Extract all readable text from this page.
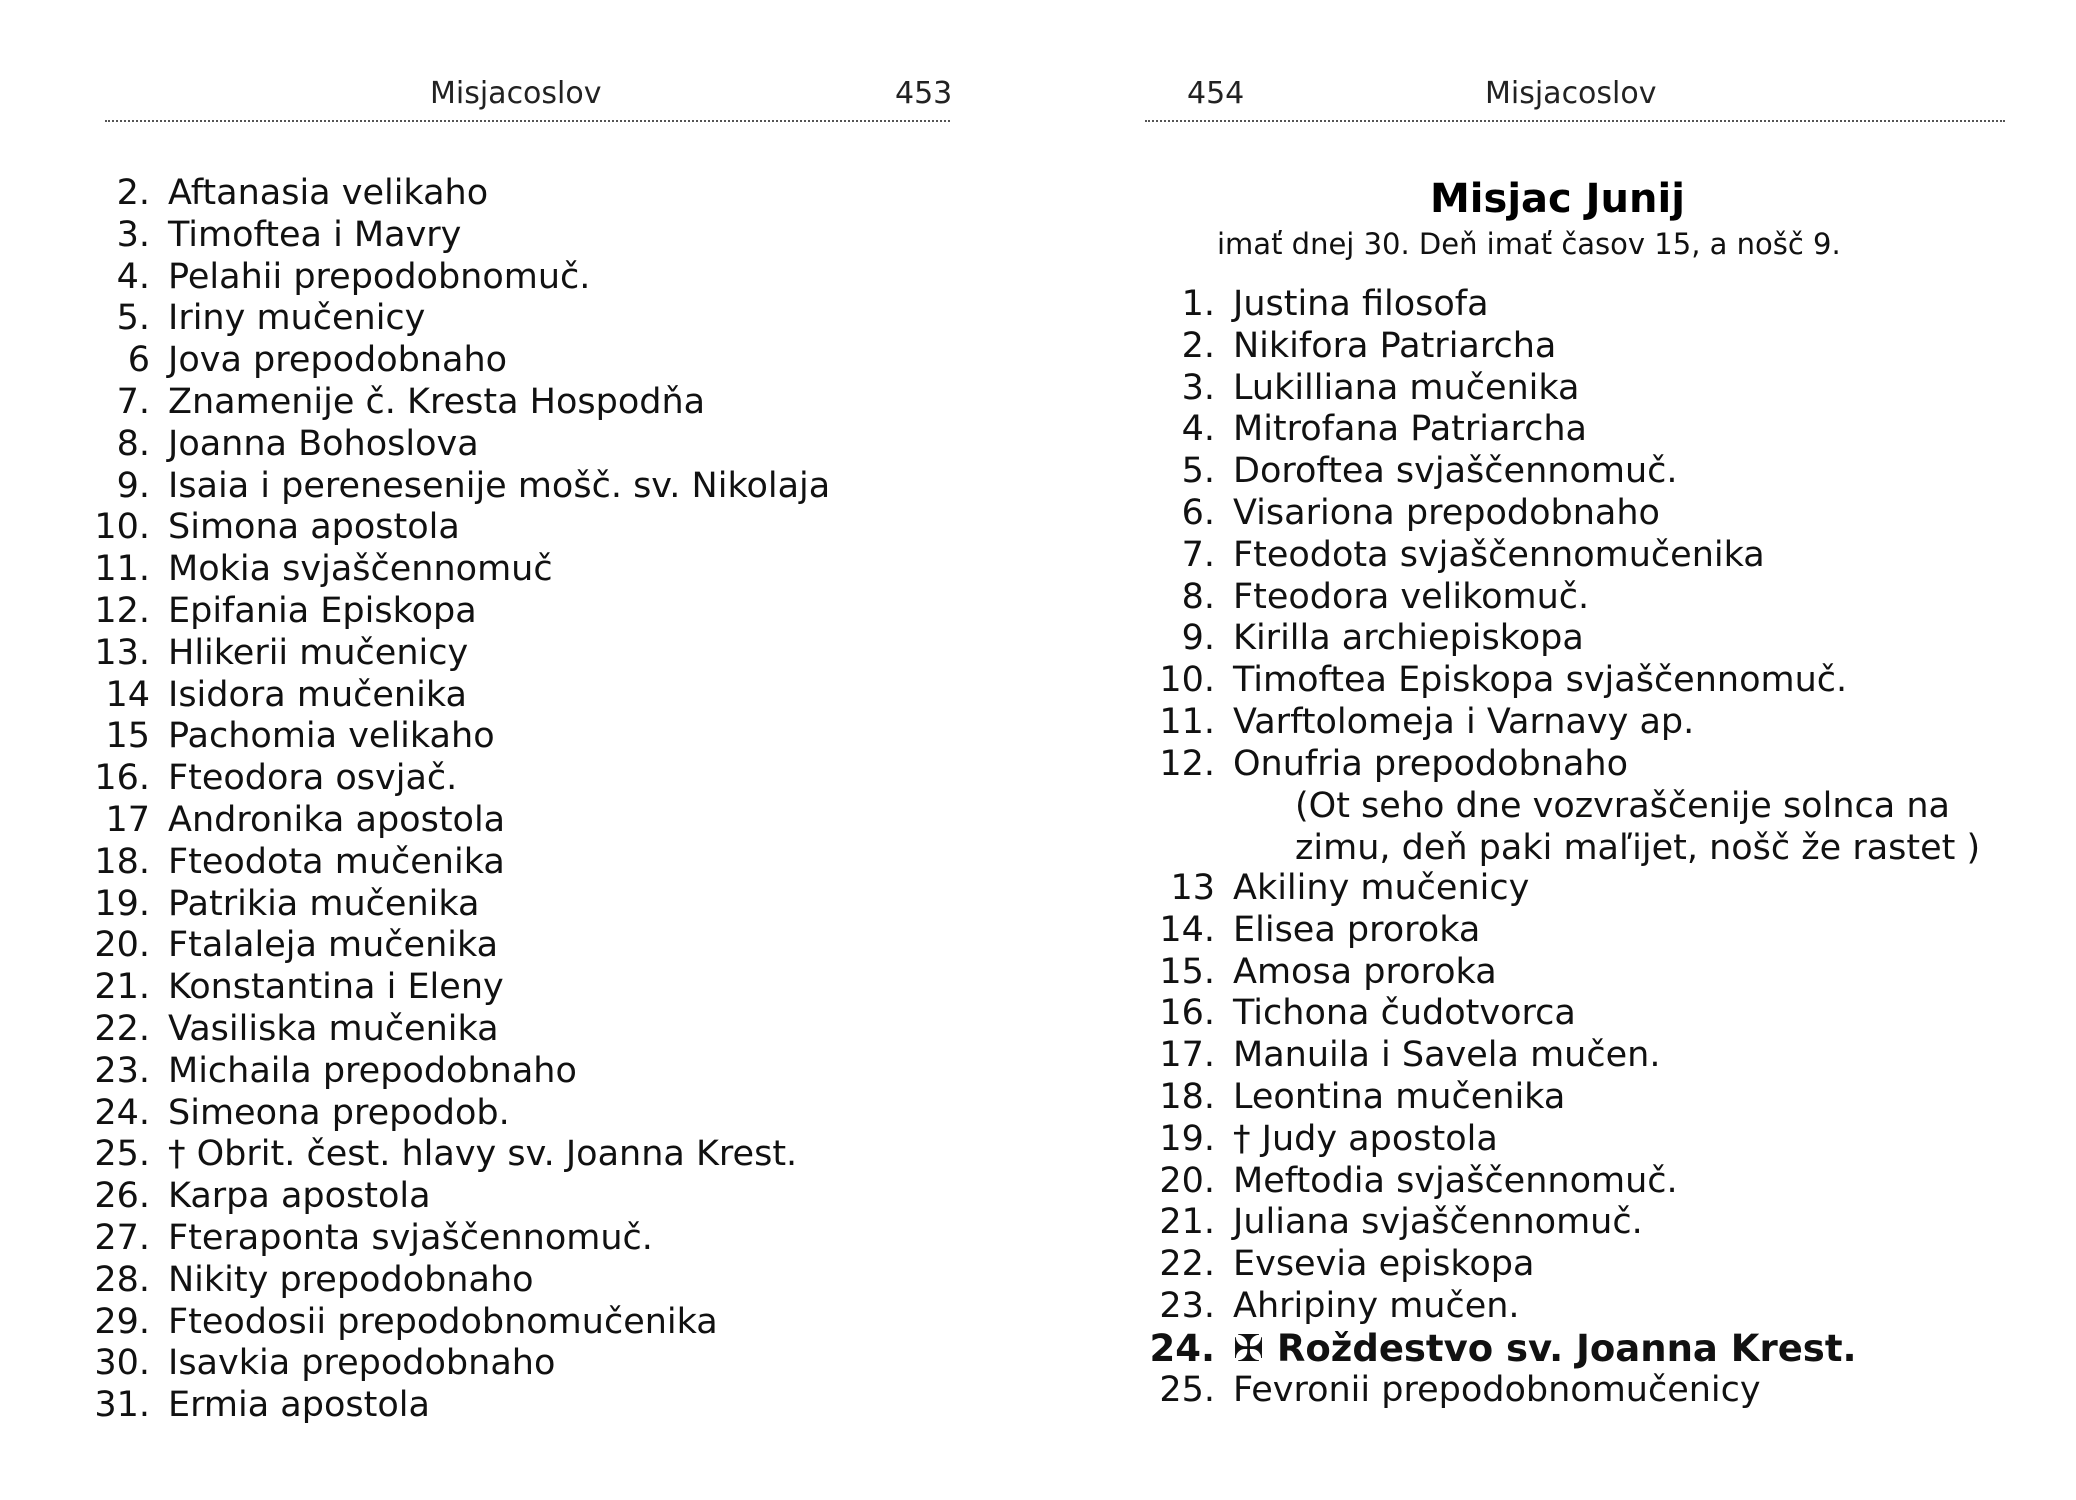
Misjacoslov	453
2. Aftanasia velikaho
3. Timoftea i Mavry
4. Pelahii prepodobnomuč.
5. Iriny mučenicy
6 Jova prepodobnaho
7. Znamenije č. Kresta Hospodňa
8. Joanna Bohoslova
9. Isaia i perenesenije mošč. sv. Nikolaja
10. Simona apostola
11. Mokia svjaščennomuč
12. Epifania Episkopa
13. Hlikerii mučenicy
14 Isidora mučenika
15 Pachomia velikaho
16. Fteodora osvjač.
17 Andronika apostola
18. Fteodota mučenika
19. Patrikia mučenika
20. Ftalaleja mučenika
21. Konstantina i Eleny
22. Vasiliska mučenika
23. Michaila prepodobnaho
24. Simeona prepodob.
25. † Obrit. čest. hlavy sv. Joanna Krest.
26. Karpa apostola
27. Fteraponta svjaščennomuč.
28. Nikity prepodobnaho
29. Fteodosii prepodobnomučenika
30. Isavkia prepodobnaho
31. Ermia apostola
454	Misjacoslov
Misjac Junij
imať dnej 30. Deň imať časov 15, a nošč 9.
1. Justina filosofa
2. Nikifora Patriarcha
3. Lukilliana mučenika
4. Mitrofana Patriarcha
5. Doroftea svjaščennomuč.
6. Visariona prepodobnaho
7. Fteodota svjaščennomučenika
8. Fteodora velikomuč.
9. Kirilla archiepiskopa
10. Timoftea Episkopa svjaščennomuč.
11. Varftolomeja i Varnavy ap.
12. Onufria prepodobnaho
(Ot seho dne vozvraščenije solnca na zimu, deň paki maľijet, nošč že rastet )
13 Akiliny mučenicy
14. Elisea proroka
15. Amosa proroka
16. Tichona čudotvorca
17. Manuila i Savela mučen.
18. Leontina mučenika
19. † Judy apostola
20. Meftodia svjaščennomuč.
21. Juliana svjaščennomuč.
22. Evsevia episkopa
23. Ahripiny mučen.
24. ✠ Roždestvo sv. Joanna Krest.
25. Fevronii prepodobnomučenicy
